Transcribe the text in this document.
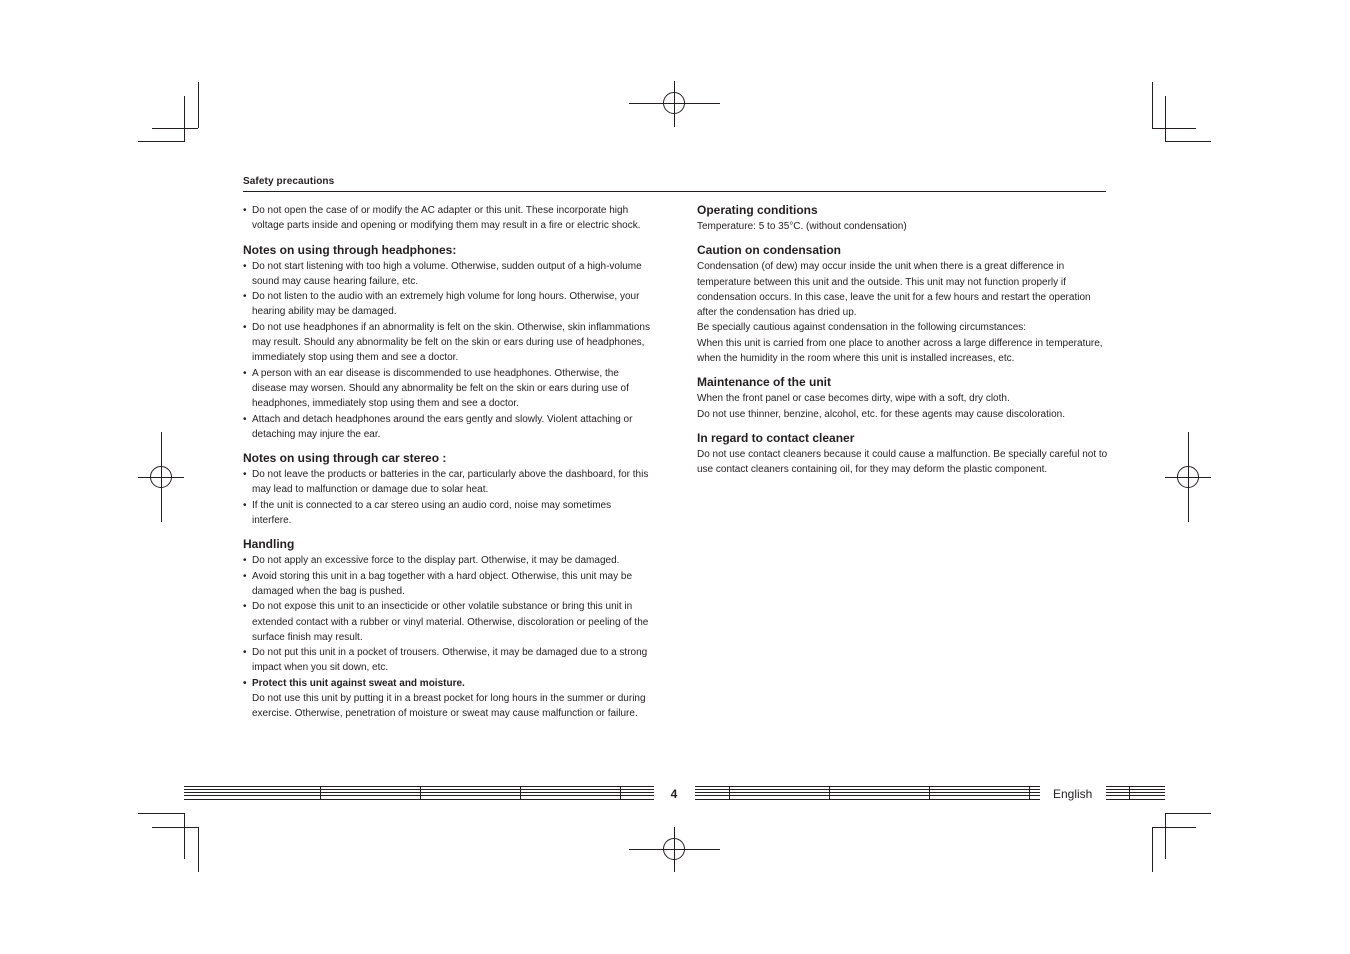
Safety precautions
• Do not open the case of or modify the AC adapter or this unit. These incorporate high voltage parts inside and opening or modifying them may result in a fire or electric shock.
Notes on using through headphones:
• Do not start listening with too high a volume. Otherwise, sudden output of a high-volume sound may cause hearing failure, etc.
• Do not listen to the audio with an extremely high volume for long hours. Otherwise, your hearing ability may be damaged.
• Do not use headphones if an abnormality is felt on the skin. Otherwise, skin inflammations may result. Should any abnormality be felt on the skin or ears during use of headphones, immediately stop using them and see a doctor.
• A person with an ear disease is discommended to use headphones. Otherwise, the disease may worsen. Should any abnormality be felt on the skin or ears during use of headphones, immediately stop using them and see a doctor.
• Attach and detach headphones around the ears gently and slowly. Violent attaching or detaching may injure the ear.
Notes on using through car stereo :
• Do not leave the products or batteries in the car, particularly above the dashboard, for this may lead to malfunction or damage due to solar heat.
• If the unit is connected to a car stereo using an audio cord, noise may sometimes interfere.
Handling
• Do not apply an excessive force to the display part. Otherwise, it may be damaged.
• Avoid storing this unit in a bag together with a hard object. Otherwise, this unit may be damaged when the bag is pushed.
• Do not expose this unit to an insecticide or other volatile substance or bring this unit in extended contact with a rubber or vinyl material. Otherwise, discoloration or peeling of the surface finish may result.
• Do not put this unit in a pocket of trousers. Otherwise, it may be damaged due to a strong impact when you sit down, etc.
• Protect this unit against sweat and moisture.

Do not use this unit by putting it in a breast pocket for long hours in the summer or during exercise. Otherwise, penetration of moisture or sweat may cause malfunction or failure.

Operating conditions

Temperature: 5 to 35°C. (without condensation)

Caution on condensation

Condensation (of dew) may occur inside the unit when there is a great difference in temperature between this unit and the outside. This unit may not function properly if condensation occurs. In this case, leave the unit for a few hours and restart the operation after the condensation has dried up.

Be specially cautious against condensation in the following circumstances:

When this unit is carried from one place to another across a large difference in temperature, when the humidity in the room where this unit is installed increases, etc.

Maintenance of the unit

When the front panel or case becomes dirty, wipe with a soft, dry cloth.

Do not use thinner, benzine, alcohol, etc. for these agents may cause discoloration.

In regard to contact cleaner

Do not use contact cleaners because it could cause a malfunction. Be specially careful not to use contact cleaners containing oil, for they may deform the plastic component.

4	English
